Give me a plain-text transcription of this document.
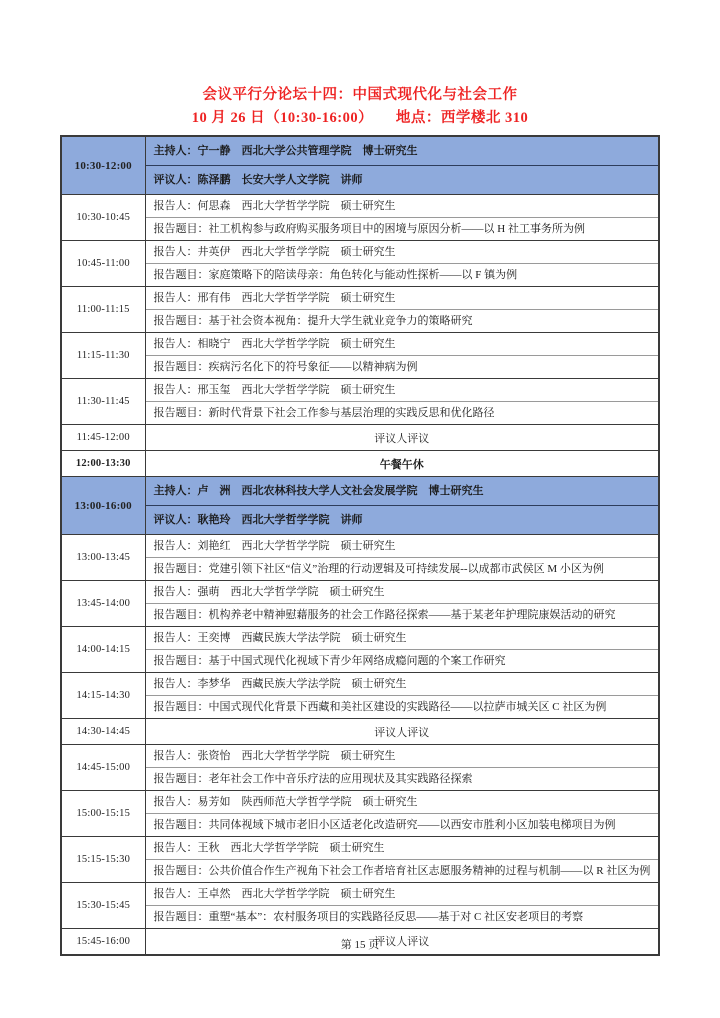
会议平行分论坛十四：中国式现代化与社会工作
10 月 26 日（10:30-16:00）　　地点：西学楼北 310
10:30-12:00	主持人：宁一静　西北大学公共管理学院　博士研究生
评议人：陈泽鹏　长安大学人文学院　讲师

10:30-10:45	报告人：何思森　西北大学哲学学院　硕士研究生
报告题目：社工机构参与政府购买服务项目中的困境与原因分析——以 H 社工事务所为例

10:45-11:00	报告人：井英伊　西北大学哲学学院　硕士研究生
报告题目：家庭策略下的陪读母亲：角色转化与能动性探析——以 F 镇为例

11:00-11:15	报告人：邢有伟　西北大学哲学学院　硕士研究生
报告题目：基于社会资本视角：提升大学生就业竞争力的策略研究

11:15-11:30	报告人：相晓宁　西北大学哲学学院　硕士研究生
报告题目：疾病污名化下的符号象征——以精神病为例

11:30-11:45	报告人：邢玉玺　西北大学哲学学院　硕士研究生
报告题目：新时代背景下社会工作参与基层治理的实践反思和优化路径

11:45-12:00	评议人评议
12:00-13:30	午餐午休
13:00-16:00	主持人：卢　洲　西北农林科技大学人文社会发展学院　博士研究生
评议人：耿艳玲　西北大学哲学学院　讲师

13:00-13:45	报告人：刘艳红　西北大学哲学学院　硕士研究生
报告题目：党建引领下社区“信义”治理的行动逻辑及可持续发展--以成都市武侯区 M 小区为例

13:45-14:00	报告人：强萌　西北大学哲学学院　硕士研究生
报告题目：机构养老中精神慰藉服务的社会工作路径探索——基于某老年护理院康娱活动的研究

14:00-14:15	报告人：王奕博　西藏民族大学法学院　硕士研究生
报告题目：基于中国式现代化视域下青少年网络成瘾问题的个案工作研究

14:15-14:30	报告人：李梦华　西藏民族大学法学院　硕士研究生
报告题目：中国式现代化背景下西藏和美社区建设的实践路径——以拉萨市城关区 C 社区为例

14:30-14:45	评议人评议
14:45-15:00	报告人：张资怡　西北大学哲学学院　硕士研究生
报告题目：老年社会工作中音乐疗法的应用现状及其实践路径探索

15:00-15:15	报告人：易芳如　陕西师范大学哲学学院　硕士研究生
报告题目：共同体视域下城市老旧小区适老化改造研究——以西安市胜利小区加装电梯项目为例

15:15-15:30	报告人：王秋　西北大学哲学学院　硕士研究生
报告题目：公共价值合作生产视角下社会工作者培育社区志愿服务精神的过程与机制——以 R 社区为例

15:30-15:45	报告人：王卓然　西北大学哲学学院　硕士研究生
报告题目：重塑“基本”：农村服务项目的实践路径反思——基于对 C 社区安老项目的考察

15:45-16:00	评议人评议
第 15 页
